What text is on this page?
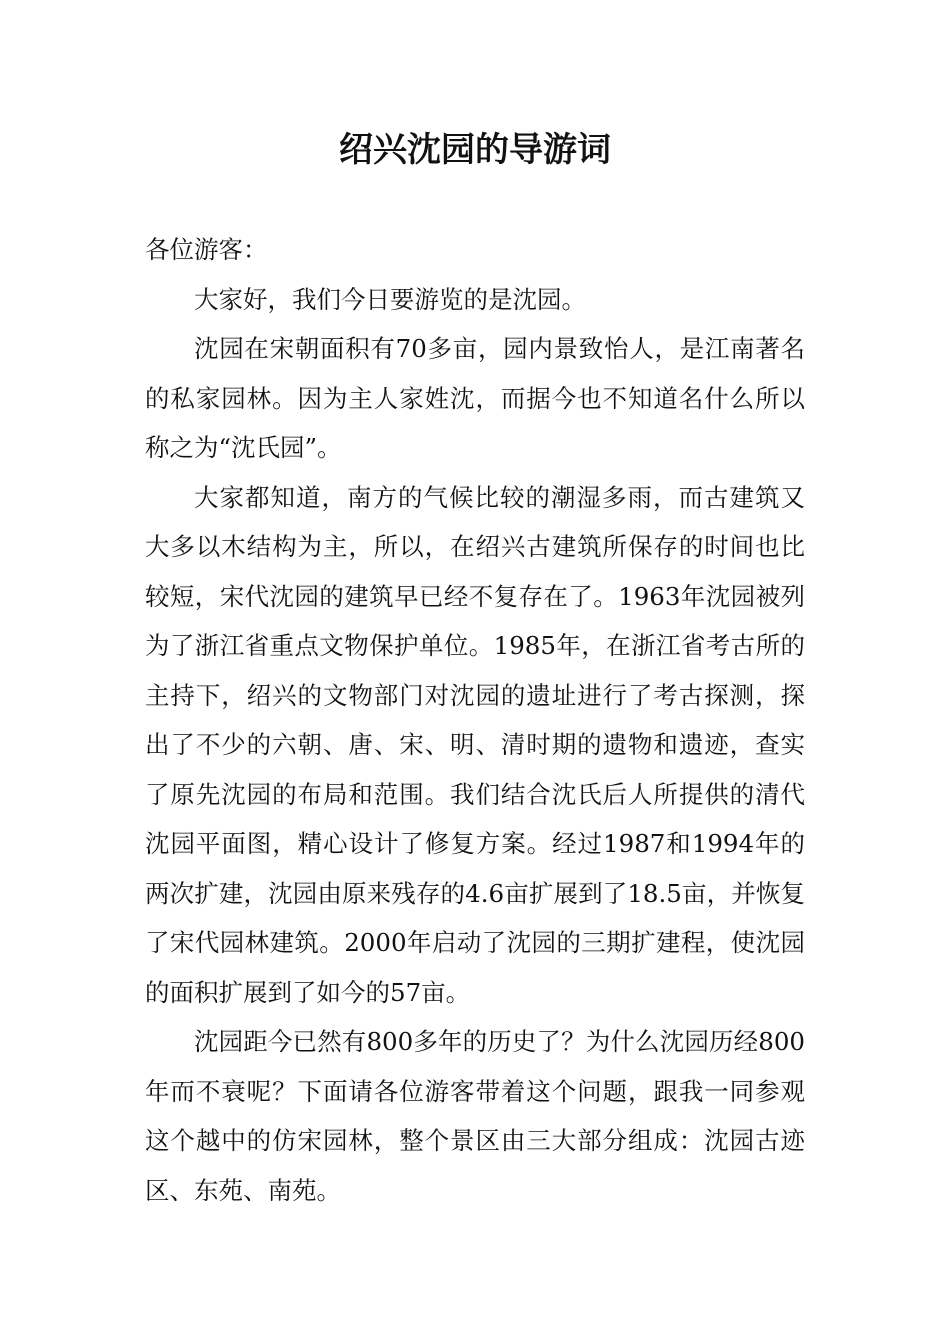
绍兴沈园的导游词

各位游客：

大家好，我们今日要游览的是沈园。

沈园在宋朝面积有70多亩，园内景致怡人，是江南著名的私家园林。因为主人家姓沈，而据今也不知道名什么所以称之为“沈氏园”。

大家都知道，南方的气候比较的潮湿多雨，而古建筑又大多以木结构为主，所以，在绍兴古建筑所保存的时间也比较短，宋代沈园的建筑早已经不复存在了。1963年沈园被列为了浙江省重点文物保护单位。1985年，在浙江省考古所的主持下，绍兴的文物部门对沈园的遗址进行了考古探测，探出了不少的六朝、唐、宋、明、清时期的遗物和遗迹，查实了原先沈园的布局和范围。我们结合沈氏后人所提供的清代沈园平面图，精心设计了修复方案。经过1987和1994年的两次扩建，沈园由原来残存的4.6亩扩展到了18.5亩，并恢复了宋代园林建筑。2000年启动了沈园的三期扩建程，使沈园的面积扩展到了如今的57亩。

沈园距今已然有800多年的历史了？为什么沈园历经800年而不衰呢？下面请各位游客带着这个问题，跟我一同参观这个越中的仿宋园林，整个景区由三大部分组成：沈园古迹区、东苑、南苑。
